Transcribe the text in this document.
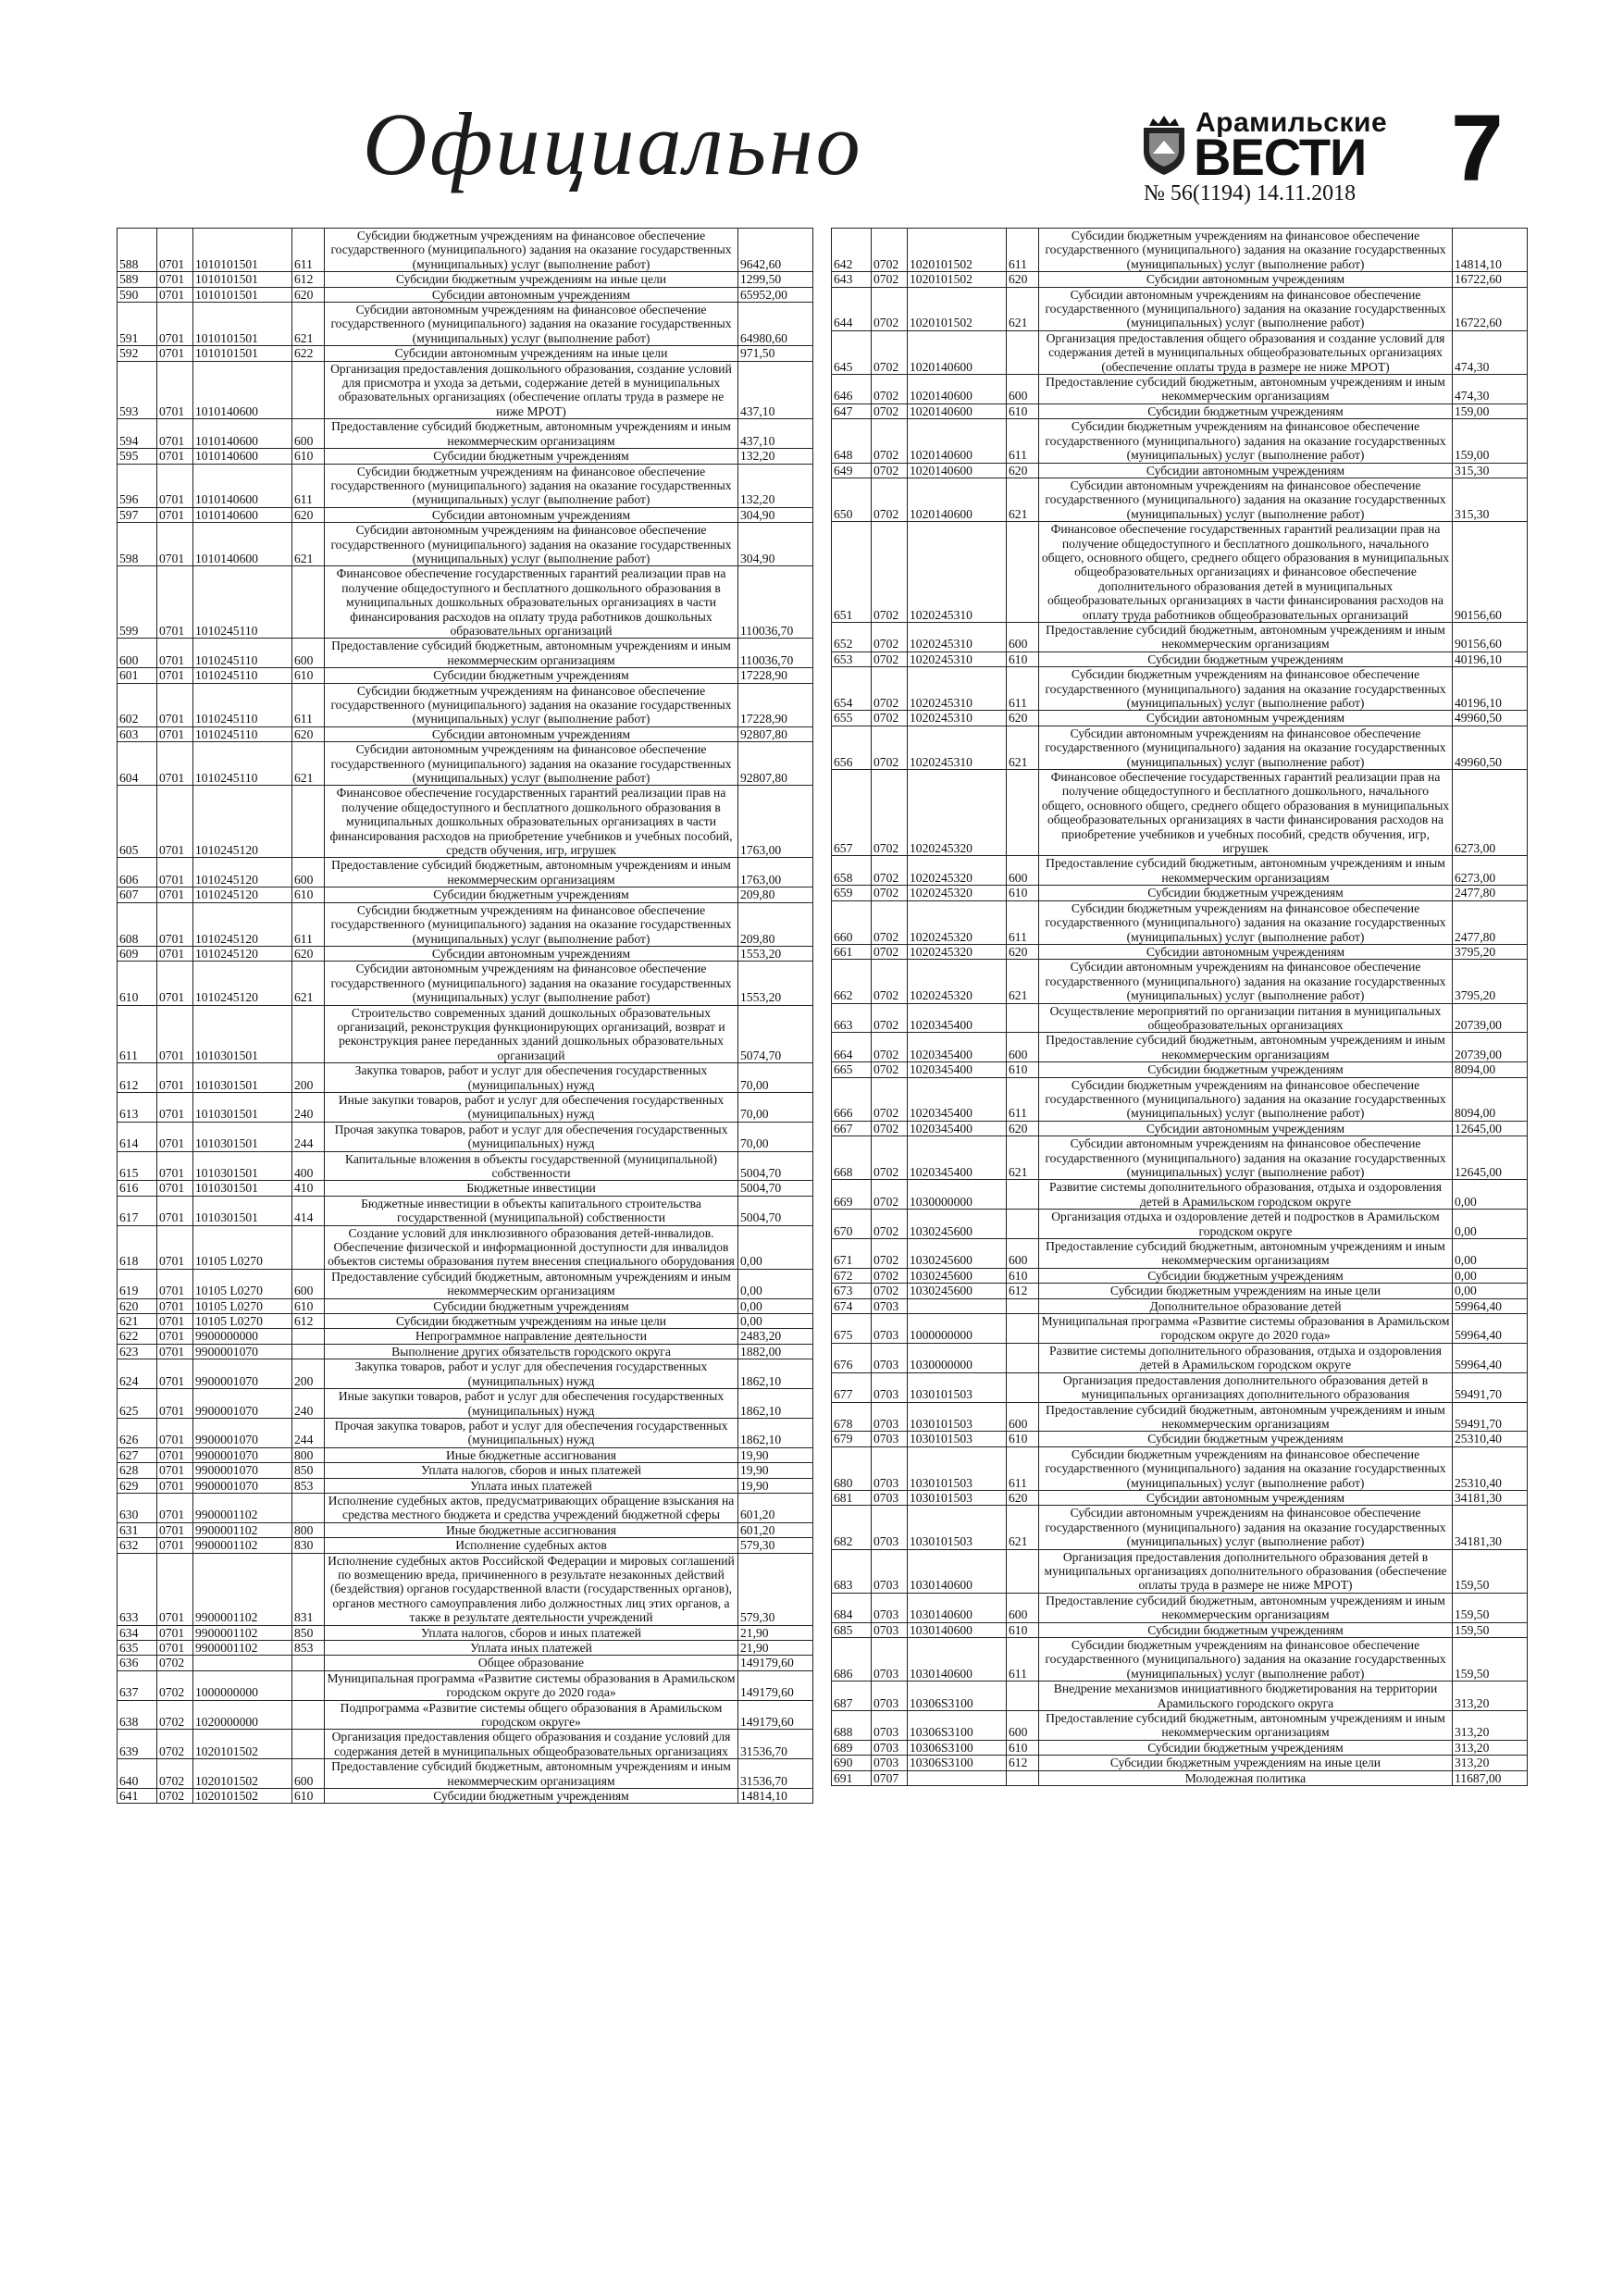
Официально	Арамильские
ВЕСТИ
№ 56(1194) 14.11.2018 7
588	0701	1010101501	611	Субсидии бюджетным учреждениям на финансовое обеспечение государственного (муниципального) задания на оказание государственных (муниципальных) услуг (выполнение работ)	9642,60
589	0701	1010101501	612	Субсидии бюджетным учреждениям на иные цели	1299,50
590	0701	1010101501	620	Субсидии автономным учреждениям	65952,00
591	0701	1010101501	621	Субсидии автономным учреждениям на финансовое обеспечение государственного (муниципального) задания на оказание государственных (муниципальных) услуг (выполнение работ)	64980,60
592	0701	1010101501	622	Субсидии автономным учреждениям на иные цели	971,50
593	0701	1010140600		Организация предоставления дошкольного образования, создание условий для присмотра и ухода за детьми, содержание детей в муниципальных образовательных организациях (обеспечение оплаты труда в размере не ниже МРОТ)	437,10
594	0701	1010140600	600	Предоставление субсидий бюджетным, автономным учреждениям и иным некоммерческим организациям	437,10
595	0701	1010140600	610	Субсидии бюджетным учреждениям	132,20
596	0701	1010140600	611	Субсидии бюджетным учреждениям на финансовое обеспечение государственного (муниципального) задания на оказание государственных (муниципальных) услуг (выполнение работ)	132,20
597	0701	1010140600	620	Субсидии автономным учреждениям	304,90
598	0701	1010140600	621	Субсидии автономным учреждениям на финансовое обеспечение государственного (муниципального) задания на оказание государственных (муниципальных) услуг (выполнение работ)	304,90
599	0701	1010245110		Финансовое обеспечение государственных гарантий реализации прав на получение общедоступного и бесплатного дошкольного образования в муниципальных дошкольных образовательных организациях в части финансирования расходов на оплату труда работников дошкольных образовательных организаций	110036,70
600	0701	1010245110	600	Предоставление субсидий бюджетным, автономным учреждениям и иным некоммерческим организациям	110036,70
601	0701	1010245110	610	Субсидии бюджетным учреждениям	17228,90
602	0701	1010245110	611	Субсидии бюджетным учреждениям на финансовое обеспечение государственного (муниципального) задания на оказание государственных (муниципальных) услуг (выполнение работ)	17228,90
603	0701	1010245110	620	Субсидии автономным учреждениям	92807,80
604	0701	1010245110	621	Субсидии автономным учреждениям на финансовое обеспечение государственного (муниципального) задания на оказание государственных (муниципальных) услуг (выполнение работ)	92807,80
605	0701	1010245120		Финансовое обеспечение государственных гарантий реализации прав на получение общедоступного и бесплатного дошкольного образования в муниципальных дошкольных образовательных организациях в части финансирования расходов на приобретение учебников и учебных пособий, средств обучения, игр, игрушек	1763,00
606	0701	1010245120	600	Предоставление субсидий бюджетным, автономным учреждениям и иным некоммерческим организациям	1763,00
607	0701	1010245120	610	Субсидии бюджетным учреждениям	209,80
608	0701	1010245120	611	Субсидии бюджетным учреждениям на финансовое обеспечение государственного (муниципального) задания на оказание государственных (муниципальных) услуг (выполнение работ)	209,80
609	0701	1010245120	620	Субсидии автономным учреждениям	1553,20
610	0701	1010245120	621	Субсидии автономным учреждениям на финансовое обеспечение государственного (муниципального) задания на оказание государственных (муниципальных) услуг (выполнение работ)	1553,20
611	0701	1010301501		Строительство современных зданий дошкольных образовательных организаций, реконструкция функционирующих организаций, возврат и реконструкция ранее переданных зданий дошкольных образовательных организаций	5074,70
612	0701	1010301501	200	Закупка товаров, работ и услуг для обеспечения государственных (муниципальных) нужд	70,00
613	0701	1010301501	240	Иные закупки товаров, работ и услуг для обеспечения государственных (муниципальных) нужд	70,00
614	0701	1010301501	244	Прочая закупка товаров, работ и услуг для обеспечения государственных (муниципальных) нужд	70,00
615	0701	1010301501	400	Капитальные вложения в объекты государственной (муниципальной) собственности	5004,70
616	0701	1010301501	410	Бюджетные инвестиции	5004,70
617	0701	1010301501	414	Бюджетные инвестиции в объекты капитального строительства государственной (муниципальной) собственности	5004,70
618	0701	10105 L0270		Создание условий для инклюзивного образования детей-инвалидов. Обеспечение физической и информационной доступности для инвалидов объектов системы образования путем внесения специального оборудования	0,00
619	0701	10105 L0270	600	Предоставление субсидий бюджетным, автономным учреждениям и иным некоммерческим организациям	0,00
620	0701	10105 L0270	610	Субсидии бюджетным учреждениям	0,00
621	0701	10105 L0270	612	Субсидии бюджетным учреждениям на иные цели	0,00
622	0701	9900000000		Непрограммное направление деятельности	2483,20
623	0701	9900001070		Выполнение других обязательств городского округа	1882,00
624	0701	9900001070	200	Закупка товаров, работ и услуг для обеспечения государственных (муниципальных) нужд	1862,10
625	0701	9900001070	240	Иные закупки товаров, работ и услуг для обеспечения государственных (муниципальных) нужд	1862,10
626	0701	9900001070	244	Прочая закупка товаров, работ и услуг для обеспечения государственных (муниципальных) нужд	1862,10
627	0701	9900001070	800	Иные бюджетные ассигнования	19,90
628	0701	9900001070	850	Уплата налогов, сборов и иных платежей	19,90
629	0701	9900001070	853	Уплата иных платежей	19,90
630	0701	9900001102		Исполнение судебных актов, предусматривающих обращение взыскания на средства местного бюджета и средства учреждений бюджетной сферы	601,20
631	0701	9900001102	800	Иные бюджетные ассигнования	601,20
632	0701	9900001102	830	Исполнение судебных актов	579,30
633	0701	9900001102	831	Исполнение судебных актов Российской Федерации и мировых соглашений по возмещению вреда, причиненного в результате незаконных действий (бездействия) органов государственной власти (государственных органов), органов местного самоуправления либо должностных лиц этих органов, а также в результате деятельности учреждений	579,30
634	0701	9900001102	850	Уплата налогов, сборов и иных платежей	21,90
635	0701	9900001102	853	Уплата иных платежей	21,90
636	0702			Общее образование	149179,60
637	0702	1000000000		Муниципальная программа «Развитие системы образования в Арамильском городском округе до 2020 года»	149179,60
638	0702	1020000000		Подпрограмма «Развитие системы общего образования в Арамильском городском округе»	149179,60
639	0702	1020101502		Организация предоставления общего образования и создание условий для содержания детей в муниципальных общеобразовательных организациях	31536,70
640	0702	1020101502	600	Предоставление субсидий бюджетным, автономным учреждениям и иным некоммерческим организациям	31536,70
641	0702	1020101502	610	Субсидии бюджетным учреждениям	14814,10
642	0702	1020101502	611	Субсидии бюджетным учреждениям на финансовое обеспечение государственного (муниципального) задания на оказание государственных (муниципальных) услуг (выполнение работ)	14814,10
643	0702	1020101502	620	Субсидии автономным учреждениям	16722,60
644	0702	1020101502	621	Субсидии автономным учреждениям на финансовое обеспечение государственного (муниципального) задания на оказание государственных (муниципальных) услуг (выполнение работ)	16722,60
645	0702	1020140600		Организация предоставления общего образования и создание условий для содержания детей в муниципальных общеобразовательных организациях (обеспечение оплаты труда в размере не ниже МРОТ)	474,30
646	0702	1020140600	600	Предоставление субсидий бюджетным, автономным учреждениям и иным некоммерческим организациям	474,30
647	0702	1020140600	610	Субсидии бюджетным учреждениям	159,00
648	0702	1020140600	611	Субсидии бюджетным учреждениям на финансовое обеспечение государственного (муниципального) задания на оказание государственных (муниципальных) услуг (выполнение работ)	159,00
649	0702	1020140600	620	Субсидии автономным учреждениям	315,30
650	0702	1020140600	621	Субсидии автономным учреждениям на финансовое обеспечение государственного (муниципального) задания на оказание государственных (муниципальных) услуг (выполнение работ)	315,30
651	0702	1020245310		Финансовое обеспечение государственных гарантий реализации прав на получение общедоступного и бесплатного дошкольного, начального общего, основного общего, среднего общего образования в муниципальных общеобразовательных организациях и финансовое обеспечение дополнительного образования детей в муниципальных общеобразовательных организациях в части финансирования расходов на оплату труда работников общеобразовательных организаций	90156,60
652	0702	1020245310	600	Предоставление субсидий бюджетным, автономным учреждениям и иным некоммерческим организациям	90156,60
653	0702	1020245310	610	Субсидии бюджетным учреждениям	40196,10
654	0702	1020245310	611	Субсидии бюджетным учреждениям на финансовое обеспечение государственного (муниципального) задания на оказание государственных (муниципальных) услуг (выполнение работ)	40196,10
655	0702	1020245310	620	Субсидии автономным учреждениям	49960,50
656	0702	1020245310	621	Субсидии автономным учреждениям на финансовое обеспечение государственного (муниципального) задания на оказание государственных (муниципальных) услуг (выполнение работ)	49960,50
657	0702	1020245320		Финансовое обеспечение государственных гарантий реализации прав на получение общедоступного и бесплатного дошкольного, начального общего, основного общего, среднего общего образования в муниципальных общеобразовательных организациях в части финансирования расходов на приобретение учебников и учебных пособий, средств обучения, игр, игрушек	6273,00
658	0702	1020245320	600	Предоставление субсидий бюджетным, автономным учреждениям и иным некоммерческим организациям	6273,00
659	0702	1020245320	610	Субсидии бюджетным учреждениям	2477,80
660	0702	1020245320	611	Субсидии бюджетным учреждениям на финансовое обеспечение государственного (муниципального) задания на оказание государственных (муниципальных) услуг (выполнение работ)	2477,80
661	0702	1020245320	620	Субсидии автономным учреждениям	3795,20
662	0702	1020245320	621	Субсидии автономным учреждениям на финансовое обеспечение государственного (муниципального) задания на оказание государственных (муниципальных) услуг (выполнение работ)	3795,20
663	0702	1020345400		Осуществление мероприятий по организации питания в муниципальных общеобразовательных организациях	20739,00
664	0702	1020345400	600	Предоставление субсидий бюджетным, автономным учреждениям и иным некоммерческим организациям	20739,00
665	0702	1020345400	610	Субсидии бюджетным учреждениям	8094,00
666	0702	1020345400	611	Субсидии бюджетным учреждениям на финансовое обеспечение государственного (муниципального) задания на оказание государственных (муниципальных) услуг (выполнение работ)	8094,00
667	0702	1020345400	620	Субсидии автономным учреждениям	12645,00
668	0702	1020345400	621	Субсидии автономным учреждениям на финансовое обеспечение государственного (муниципального) задания на оказание государственных (муниципальных) услуг (выполнение работ)	12645,00
669	0702	1030000000		Развитие системы дополнительного образования, отдыха и оздоровления детей в Арамильском городском округе	0,00
670	0702	1030245600		Организация отдыха и оздоровление детей и подростков в Арамильском городском округе	0,00
671	0702	1030245600	600	Предоставление субсидий бюджетным, автономным учреждениям и иным некоммерческим организациям	0,00
672	0702	1030245600	610	Субсидии бюджетным учреждениям	0,00
673	0702	1030245600	612	Субсидии бюджетным учреждениям на иные цели	0,00
674	0703			Дополнительное образование детей	59964,40
675	0703	1000000000		Муниципальная программа «Развитие системы образования в Арамильском городском округе до 2020 года»	59964,40
676	0703	1030000000		Развитие системы дополнительного образования, отдыха и оздоровления детей в Арамильском городском округе	59964,40
677	0703	1030101503		Организация предоставления дополнительного образования детей в муниципальных организациях дополнительного образования	59491,70
678	0703	1030101503	600	Предоставление субсидий бюджетным, автономным учреждениям и иным некоммерческим организациям	59491,70
679	0703	1030101503	610	Субсидии бюджетным учреждениям	25310,40
680	0703	1030101503	611	Субсидии бюджетным учреждениям на финансовое обеспечение государственного (муниципального) задания на оказание государственных (муниципальных) услуг (выполнение работ)	25310,40
681	0703	1030101503	620	Субсидии автономным учреждениям	34181,30
682	0703	1030101503	621	Субсидии автономным учреждениям на финансовое обеспечение государственного (муниципального) задания на оказание государственных (муниципальных) услуг (выполнение работ)	34181,30
683	0703	1030140600		Организация предоставления дополнительного образования детей в муниципальных организациях дополнительного образования (обеспечение оплаты труда в размере не ниже МРОТ)	159,50
684	0703	1030140600	600	Предоставление субсидий бюджетным, автономным учреждениям и иным некоммерческим организациям	159,50
685	0703	1030140600	610	Субсидии бюджетным учреждениям	159,50
686	0703	1030140600	611	Субсидии бюджетным учреждениям на финансовое обеспечение государственного (муниципального) задания на оказание государственных (муниципальных) услуг (выполнение работ)	159,50
687	0703	10306S3100		Внедрение механизмов инициативного бюджетирования на территории Арамильского городского округа	313,20
688	0703	10306S3100	600	Предоставление субсидий бюджетным, автономным учреждениям и иным некоммерческим организациям	313,20
689	0703	10306S3100	610	Субсидии бюджетным учреждениям	313,20
690	0703	10306S3100	612	Субсидии бюджетным учреждениям на иные цели	313,20
691	0707			Молодежная политика	11687,00
